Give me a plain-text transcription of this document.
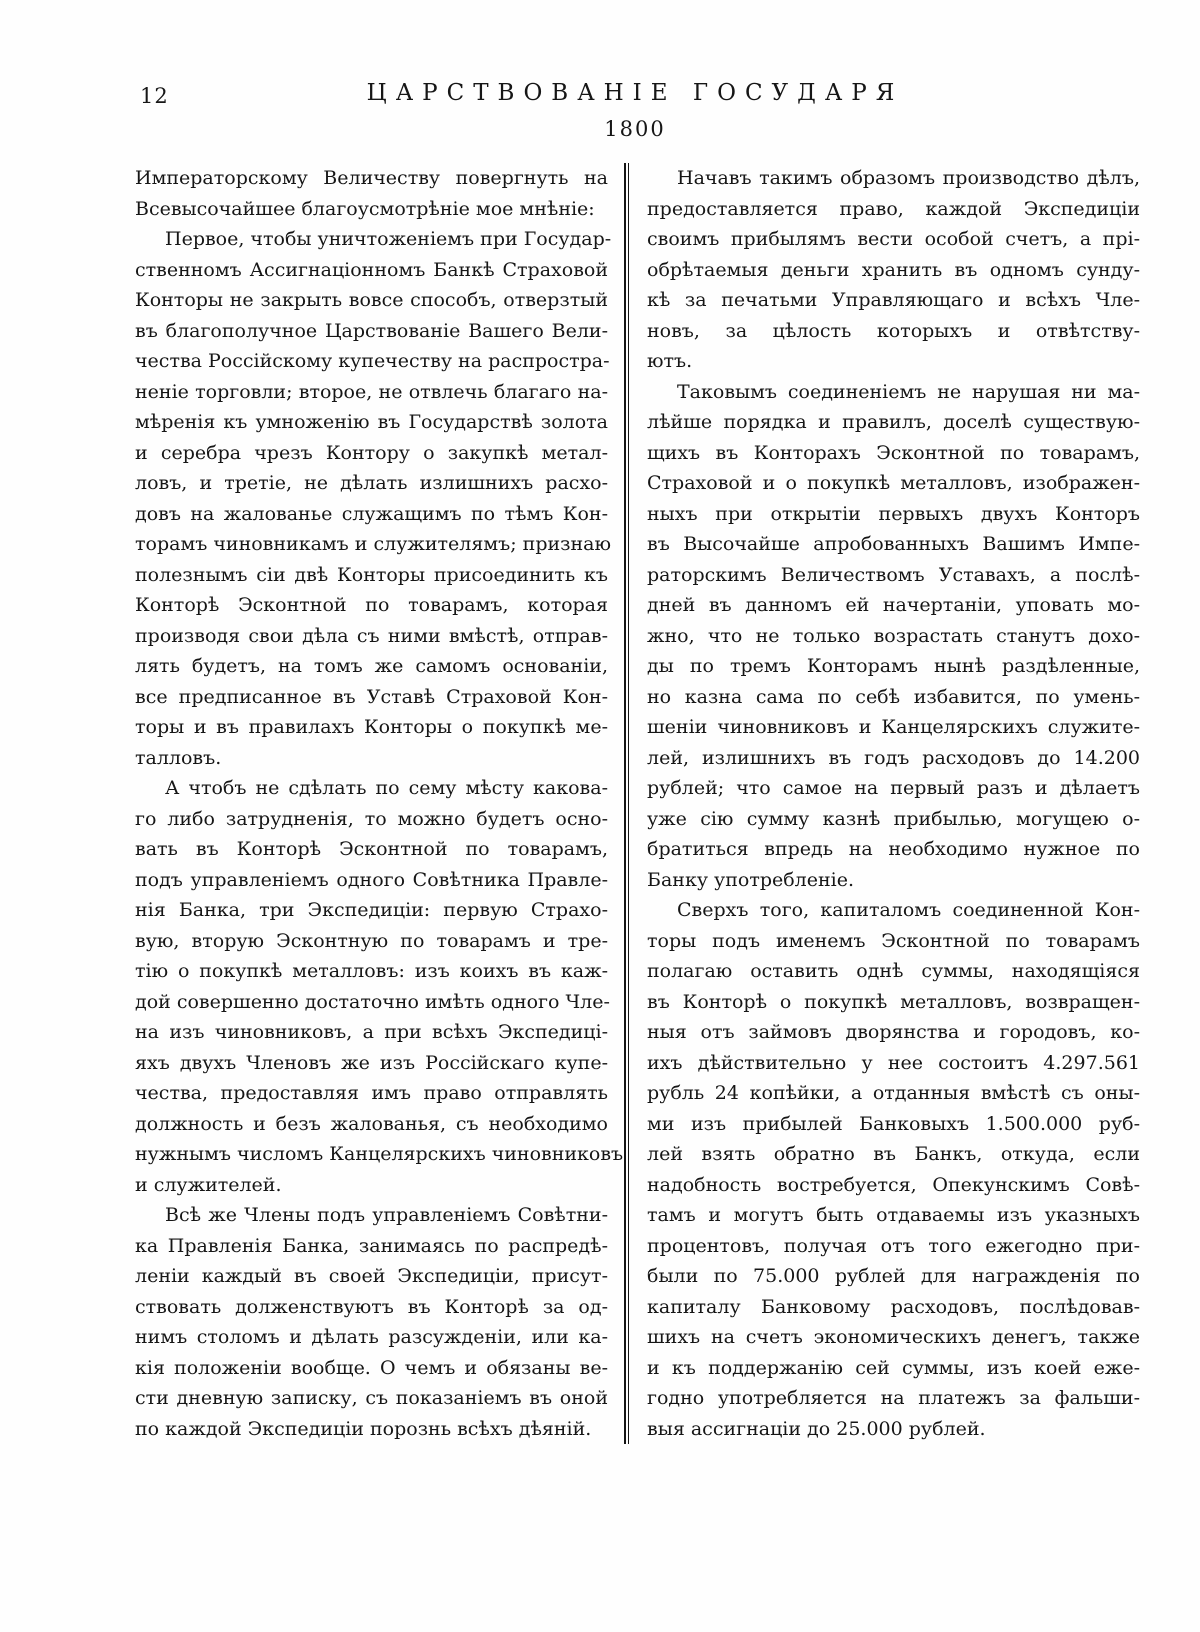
12	ЦАРСТВОВАНІЕ ГОСУДАРЯ
1800
Императорскому Величеству повергнуть на
Всевысочайшее благоусмотрѣніе мое мнѣніе:
Первое, чтобы уничтоженіемъ при Государ-
ственномъ Ассигнаціонномъ Банкѣ Страховой
Конторы не закрыть вовсе способъ, отверзтый
въ благополучное Царствованіе Вашего Вели-
чества Россійскому купечеству на распростра-
неніе торговли; второе, не отвлечь благаго на-
мѣренія къ умноженію въ Государствѣ золота
и серебра чрезъ Контору о закупкѣ метал-
ловъ, и третіе, не дѣлать излишнихъ расхо-
довъ на жалованье служащимъ по тѣмъ Кон-
торамъ чиновникамъ и служителямъ; признаю
полезнымъ сіи двѣ Конторы присоединить къ
Конторѣ Эсконтной по товарамъ, которая
производя свои дѣла съ ними вмѣстѣ, отправ-
лять будетъ, на томъ же самомъ основаніи,
все предписанное въ Уставѣ Страховой Кон-
торы и въ правилахъ Конторы о покупкѣ ме-
талловъ.
А чтобъ не сдѣлать по сему мѣсту какова-
го либо затрудненія, то можно будетъ осно-
вать въ Конторѣ Эсконтной по товарамъ,
подъ управленіемъ одного Совѣтника Правле-
нія Банка, три Экспедиціи: первую Страхо-
вую, вторую Эсконтную по товарамъ и тре-
тію о покупкѣ металловъ: изъ коихъ въ каж-
дой совершенно достаточно имѣть одного Чле-
на изъ чиновниковъ, а при всѣхъ Экспедиці-
яхъ двухъ Членовъ же изъ Россійскаго купе-
чества, предоставляя имъ право отправлять
должность и безъ жалованья, съ необходимо
нужнымъ числомъ Канцелярскихъ чиновниковъ
и служителей.
Всѣ же Члены подъ управленіемъ Совѣтни-
ка Правленія Банка, занимаясь по распредѣ-
леніи каждый въ своей Экспедиціи, присут-
ствовать долженствуютъ въ Конторѣ за од-
нимъ столомъ и дѣлать разсужденіи, или ка-
кія положеніи вообще. О чемъ и обязаны ве-
сти дневную записку, съ показаніемъ въ оной
по каждой Экспедиціи порознь всѣхъ дѣяній.
Начавъ такимъ образомъ производство дѣлъ,
предоставляется право, каждой Экспедиціи
своимъ прибылямъ вести особой счетъ, а прі-
обрѣтаемыя деньги хранить въ одномъ сунду-
кѣ за печатьми Управляющаго и всѣхъ Чле-
новъ, за цѣлость которыхъ и отвѣтству-
ютъ.
Таковымъ соединеніемъ не нарушая ни ма-
лѣйше порядка и правилъ, доселѣ существую-
щихъ въ Конторахъ Эсконтной по товарамъ,
Страховой и о покупкѣ металловъ, изображен-
ныхъ при открытіи первыхъ двухъ Конторъ
въ Высочайше апробованныхъ Вашимъ Импе-
раторскимъ Величествомъ Уставахъ, а послѣ-
дней въ данномъ ей начертаніи, уповать мо-
жно, что не только возрастать станутъ дохо-
ды по тремъ Конторамъ нынѣ раздѣленные,
но казна сама по себѣ избавится, по умень-
шеніи чиновниковъ и Канцелярскихъ служите-
лей, излишнихъ въ годъ расходовъ до 14.200
рублей; что самое на первый разъ и дѣлаетъ
уже сію сумму казнѣ прибылью, могущею о-
братиться впредь на необходимо нужное по
Банку употребленіе.
Сверхъ того, капиталомъ соединенной Кон-
торы подъ именемъ Эсконтной по товарамъ
полагаю оставить однѣ суммы, находящіяся
въ Конторѣ о покупкѣ металловъ, возвращен-
ныя отъ займовъ дворянства и городовъ, ко-
ихъ дѣйствительно у нее состоитъ 4.297.561
рубль 24 копѣйки, а отданныя вмѣстѣ съ оны-
ми изъ прибылей Банковыхъ 1.500.000 руб-
лей взять обратно въ Банкъ, откуда, если
надобность востребуется, Опекунскимъ Совѣ-
тамъ и могутъ быть отдаваемы изъ указныхъ
процентовъ, получая отъ того ежегодно при-
были по 75.000 рублей для награжденія по
капиталу Банковому расходовъ, послѣдовав-
шихъ на счетъ экономическихъ денегъ, также
и къ поддержанію сей суммы, изъ коей еже-
годно употребляется на платежъ за фальши-
выя ассигнаціи до 25.000 рублей.
